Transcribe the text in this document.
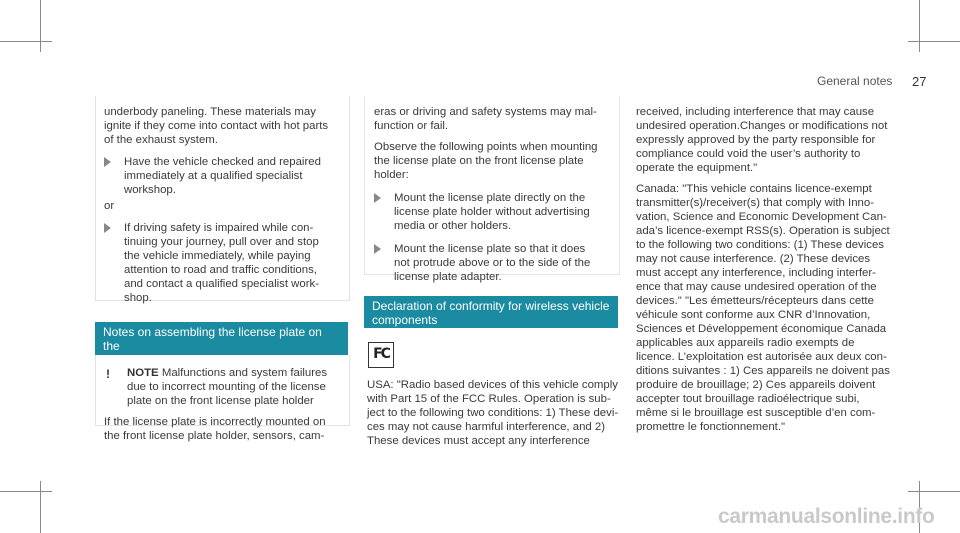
General notes 27

underbody paneling. These materials may

ignite if they come into contact with hot parts

of the exhaust system.

Have the vehicle checked and repaired

immediately at a qualified specialist

workshop.

or

If driving safety is impaired while con-

tinuing your journey, pull over and stop

the vehicle immediately, while paying

attention to road and traffic conditions,

and contact a qualified specialist work-

shop.

Notes on assembling the license plate on the
front license plate holder
! NOTE Malfunctions and system failures

due to incorrect mounting of the license

plate on the front license plate holder

If the license plate is incorrectly mounted on

the front license plate holder, sensors, cam-

eras or driving and safety systems may mal-

function or fail.

Observe the following points when mounting

the license plate on the front license plate

holder:

Mount the license plate directly on the

license plate holder without advertising

media or other holders.

Mount the license plate so that it does

not protrude above or to the side of the

license plate adapter.

Declaration of conformity for wireless vehicle
components
FC

USA: "Radio based devices of this vehicle comply

with Part 15 of the FCC Rules. Operation is sub-

ject to the following two conditions: 1) These devi-

ces may not cause harmful interference, and 2)

These devices must accept any interference

received, including interference that may cause

undesired operation.Changes or modifications not

expressly approved by the party responsible for

compliance could void the user’s authority to

operate the equipment."

Canada: "This vehicle contains licence-exempt

transmitter(s)/receiver(s) that comply with Inno-

vation, Science and Economic Development Can-

ada’s licence-exempt RSS(s). Operation is subject

to the following two conditions: (1) These devices

may not cause interference. (2) These devices

must accept any interference, including interfer-

ence that may cause undesired operation of the

devices." "Les émetteurs/récepteurs dans cette

véhicule sont conforme aux CNR d’Innovation,

Sciences et Développement économique Canada

applicables aux appareils radio exempts de

licence. L’exploitation est autorisée aux deux con-

ditions suivantes : 1) Ces appareils ne doivent pas

produire de brouillage; 2) Ces appareils doivent

accepter tout brouillage radioélectrique subi,

même si le brouillage est susceptible d’en com-

promettre le fonctionnement."

carmanualsonline.info
